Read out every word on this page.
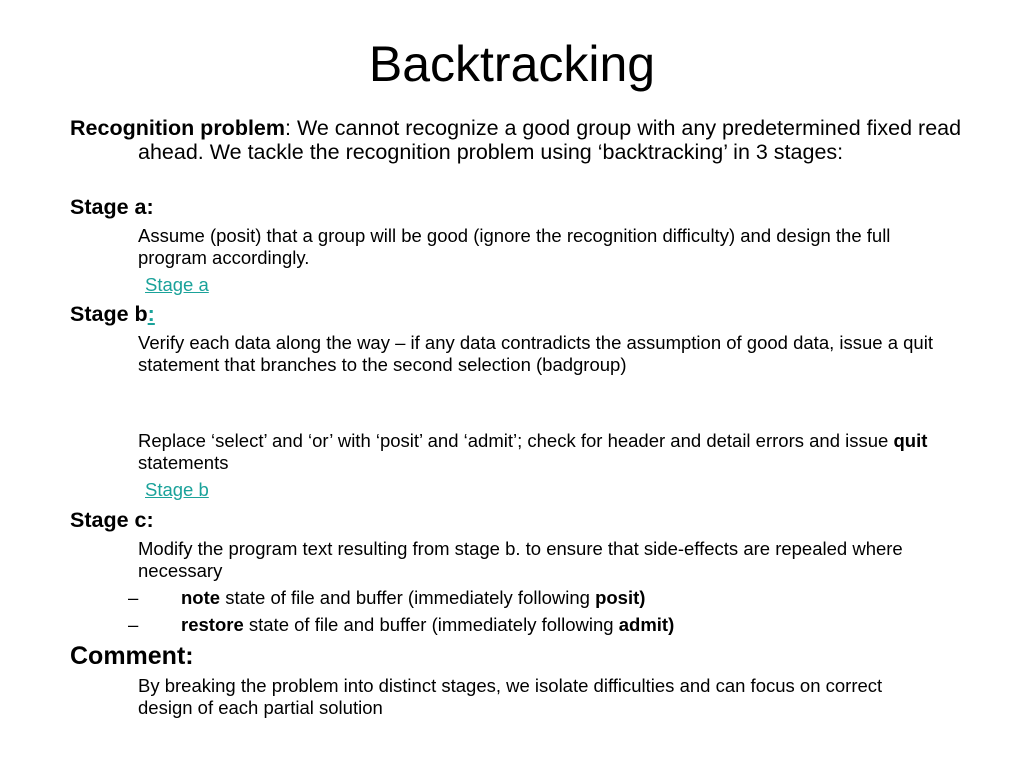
Backtracking

Recognition problem: We cannot recognize a good group with any predetermined fixed read ahead. We tackle the recognition problem using ‘backtracking’ in 3 stages:

Stage a:

Assume (posit) that a group will be good (ignore the recognition difficulty) and design the full program accordingly.

Stage a

Stage b:

Verify each data along the way – if any data contradicts the assumption of good data, issue a quit statement that branches to the second selection (badgroup)

Replace ‘select’ and ‘or’ with ‘posit’ and ‘admit’; check for header and detail errors and issue quit statements

Stage b

Stage c:

Modify the program text resulting from stage b. to ensure that side-effects are repealed where necessary

– note state of file and buffer (immediately following posit)
– restore state of file and buffer (immediately following admit)
Comment:

By breaking the problem into distinct stages, we isolate difficulties and can focus on correct design of each partial solution
